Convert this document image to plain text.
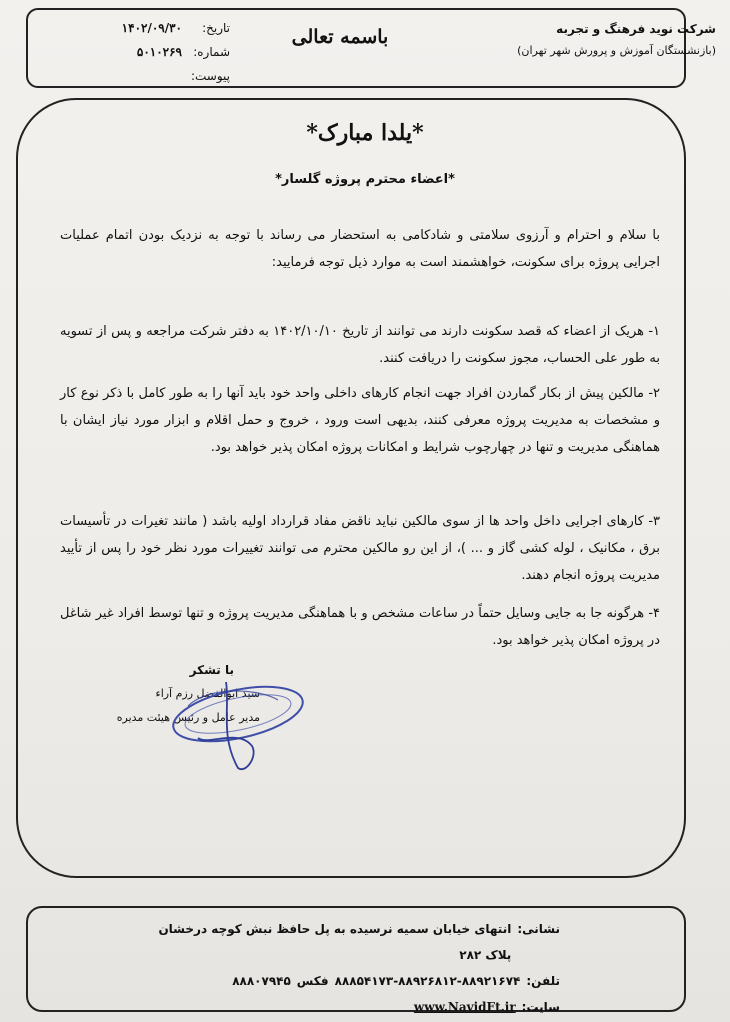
شرکت نوید فرهنگ و تجربه
(بازنشستگان آموزش و پرورش شهر تهران)
باسمه تعالی
تاریخ:
۱۴۰۲/۰۹/۳۰
شماره:
۵۰۱۰۲۶۹
پیوست:
*یلدا مبارک*
*اعضاء محترم پروژه گلسار*
با سلام و احترام و آرزوی سلامتی و شادکامی به استحضار می رساند با توجه به نزدیک بودن اتمام عملیات اجرایی پروژه برای سکونت، خواهشمند است به موارد ذیل توجه فرمایید:
۱- هریک از اعضاء که قصد سکونت دارند می توانند از تاریخ ۱۴۰۲/۱۰/۱۰ به دفتر شرکت مراجعه و پس از تسویه به طور علی الحساب، مجوز سکونت را دریافت کنند.
۲- مالکین پیش از بکار گماردن افراد جهت انجام کارهای داخلی واحد خود باید آنها را به طور کامل با ذکر نوع کار و مشخصات به مدیریت پروژه معرفی کنند، بدیهی است ورود ، خروج و حمل اقلام و ابزار مورد نیاز ایشان با هماهنگی مدیریت و تنها در چهارچوب شرایط و امکانات پروژه امکان پذیر خواهد بود.
۳- کارهای اجرایی داخل واحد ها از سوی مالکین نباید ناقض مفاد قرارداد اولیه باشد ( مانند تغیرات در تأسیسات برق ، مکانیک ، لوله کشی گاز و ... )، از این رو مالکین محترم می توانند تغییرات مورد نظر خود را پس از تأیید مدیریت پروژه انجام دهند.
۴- هرگونه جا به جایی وسایل حتماً در ساعات مشخص و با هماهنگی مدیریت پروژه و تنها توسط افراد غیر شاغل در پروژه امکان پذیر خواهد بود.
با تشکر
سید ابوالفضل رزم آراء
مدیر عامل و رئیس هیئت مدیره
نشانی:
انتهای خیابان سمیه نرسیده به پل حافظ نبش کوچه درخشان پلاک ۲۸۲
تلفن:
۸۸۸۵۴۱۷۳-۸۸۹۲۶۸۱۲-۸۸۹۲۱۶۷۴
فکس
۸۸۸۰۷۹۴۵
سایت:
www.NavidFt.ir
